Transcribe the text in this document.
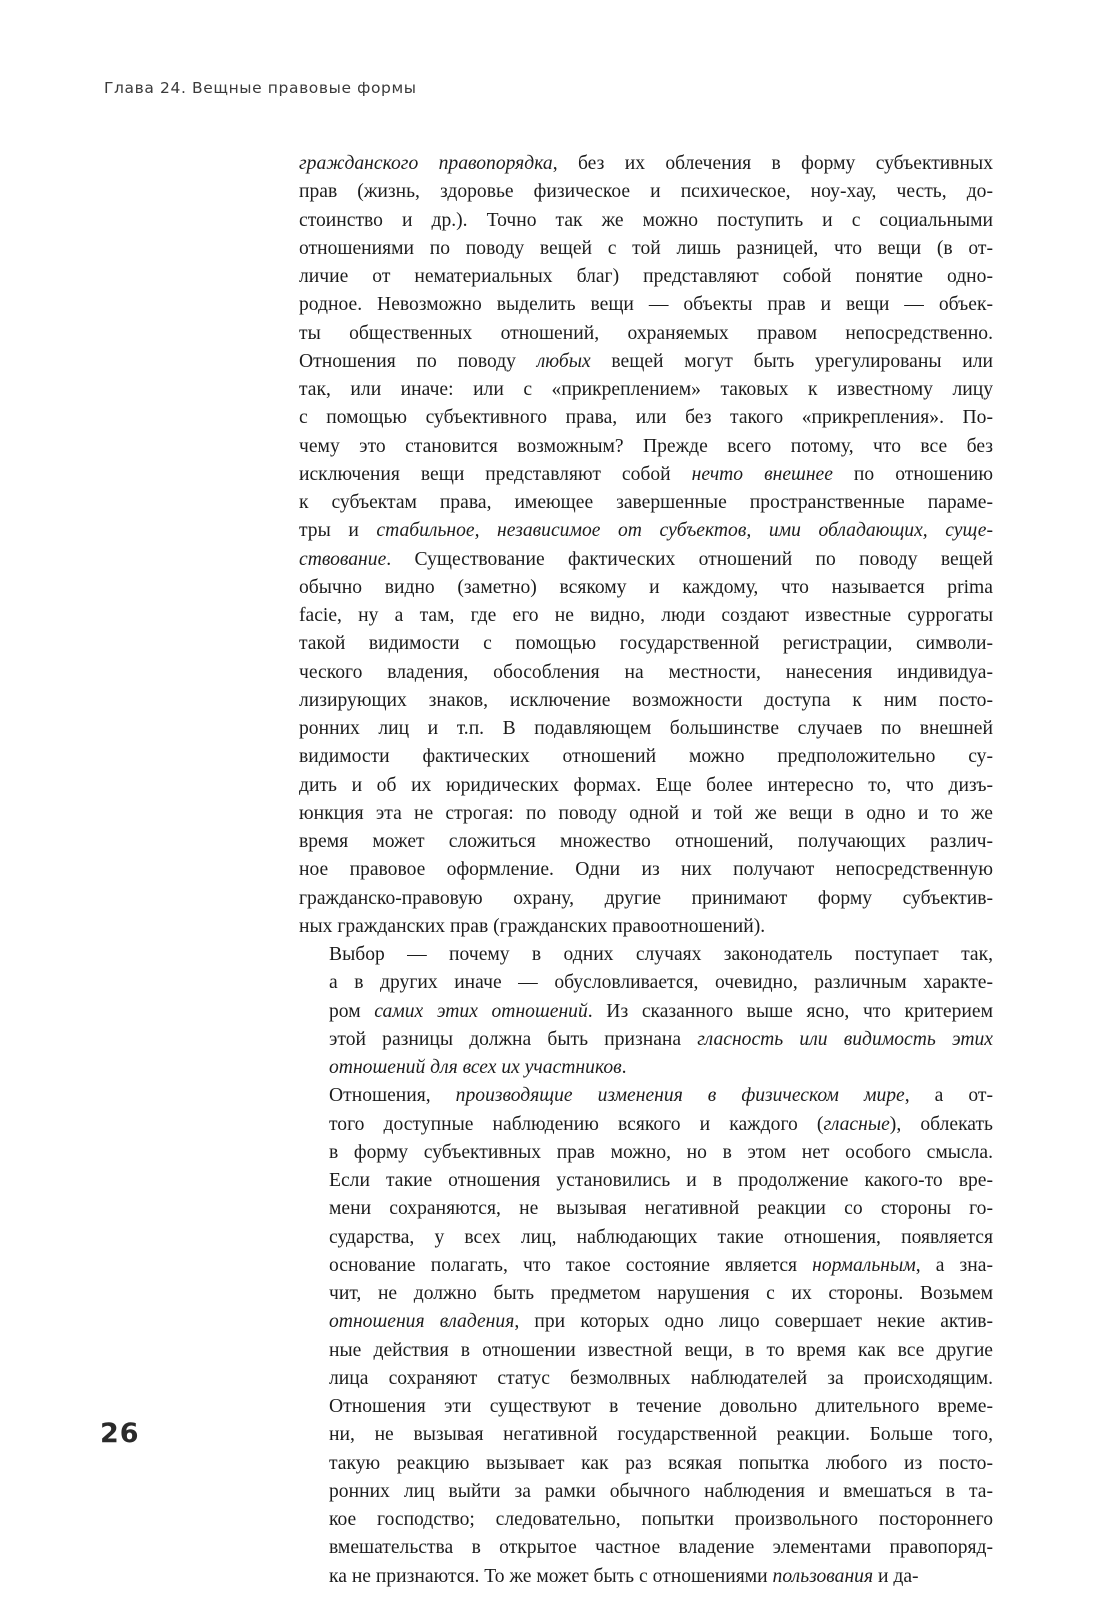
Глава 24. Вещные правовые формы

гражданского правопорядка, без их облечения в форму субъективных
прав (жизнь, здоровье физическое и психическое, ноу-хау, честь, до-
стоинство и др.). Точно так же можно поступить и с социальными
отношениями по поводу вещей с той лишь разницей, что вещи (в от-
личие от нематериальных благ) представляют собой понятие одно-
родное. Невозможно выделить вещи — объекты прав и вещи — объек-
ты общественных отношений, охраняемых правом непосредственно.
Отношения по поводу любых вещей могут быть урегулированы или
так, или иначе: или с «прикреплением» таковых к известному лицу
с помощью субъективного права, или без такого «прикрепления». По-
чему это становится возможным? Прежде всего потому, что все без
исключения вещи представляют собой нечто внешнее по отношению
к субъектам права, имеющее завершенные пространственные параме-
тры и стабильное, независимое от субъектов, ими обладающих, суще-
ствование. Существование фактических отношений по поводу вещей
обычно видно (заметно) всякому и каждому, что называется prima
facie, ну а там, где его не видно, люди создают известные суррогаты
такой видимости с помощью государственной регистрации, символи-
ческого владения, обособления на местности, нанесения индивидуа-
лизирующих знаков, исключение возможности доступа к ним посто-
ронних лиц и т.п. В подавляющем большинстве случаев по внешней
видимости фактических отношений можно предположительно су-
дить и об их юридических формах. Еще более интересно то, что дизъ-
юнкция эта не строгая: по поводу одной и той же вещи в одно и то же
время может сложиться множество отношений, получающих различ-
ное правовое оформление. Одни из них получают непосредственную
гражданско-правовую охрану, другие принимают форму субъектив-
ных гражданских прав (гражданских правоотношений).

Выбор — почему в одних случаях законодатель поступает так,
а в других иначе — обусловливается, очевидно, различным характе-
ром самих этих отношений. Из сказанного выше ясно, что критерием
этой разницы должна быть признана гласность или видимость этих
отношений для всех их участников.

Отношения, производящие изменения в физическом мире, а от-
того доступные наблюдению всякого и каждого (гласные), облекать
в форму субъективных прав можно, но в этом нет особого смысла.
Если такие отношения установились и в продолжение какого-то вре-
мени сохраняются, не вызывая негативной реакции со стороны го-
сударства, у всех лиц, наблюдающих такие отношения, появляется
основание полагать, что такое состояние является нормальным, а зна-
чит, не должно быть предметом нарушения с их стороны. Возьмем
отношения владения, при которых одно лицо совершает некие актив-
ные действия в отношении известной вещи, в то время как все другие
лица сохраняют статус безмолвных наблюдателей за происходящим.
Отношения эти существуют в течение довольно длительного време-
ни, не вызывая негативной государственной реакции. Больше того,
такую реакцию вызывает как раз всякая попытка любого из посто-
ронних лиц выйти за рамки обычного наблюдения и вмешаться в та-
кое господство; следовательно, попытки произвольного постороннего
вмешательства в открытое частное владение элементами правопоряд-
ка не признаются. То же может быть с отношениями пользования и да-

26
